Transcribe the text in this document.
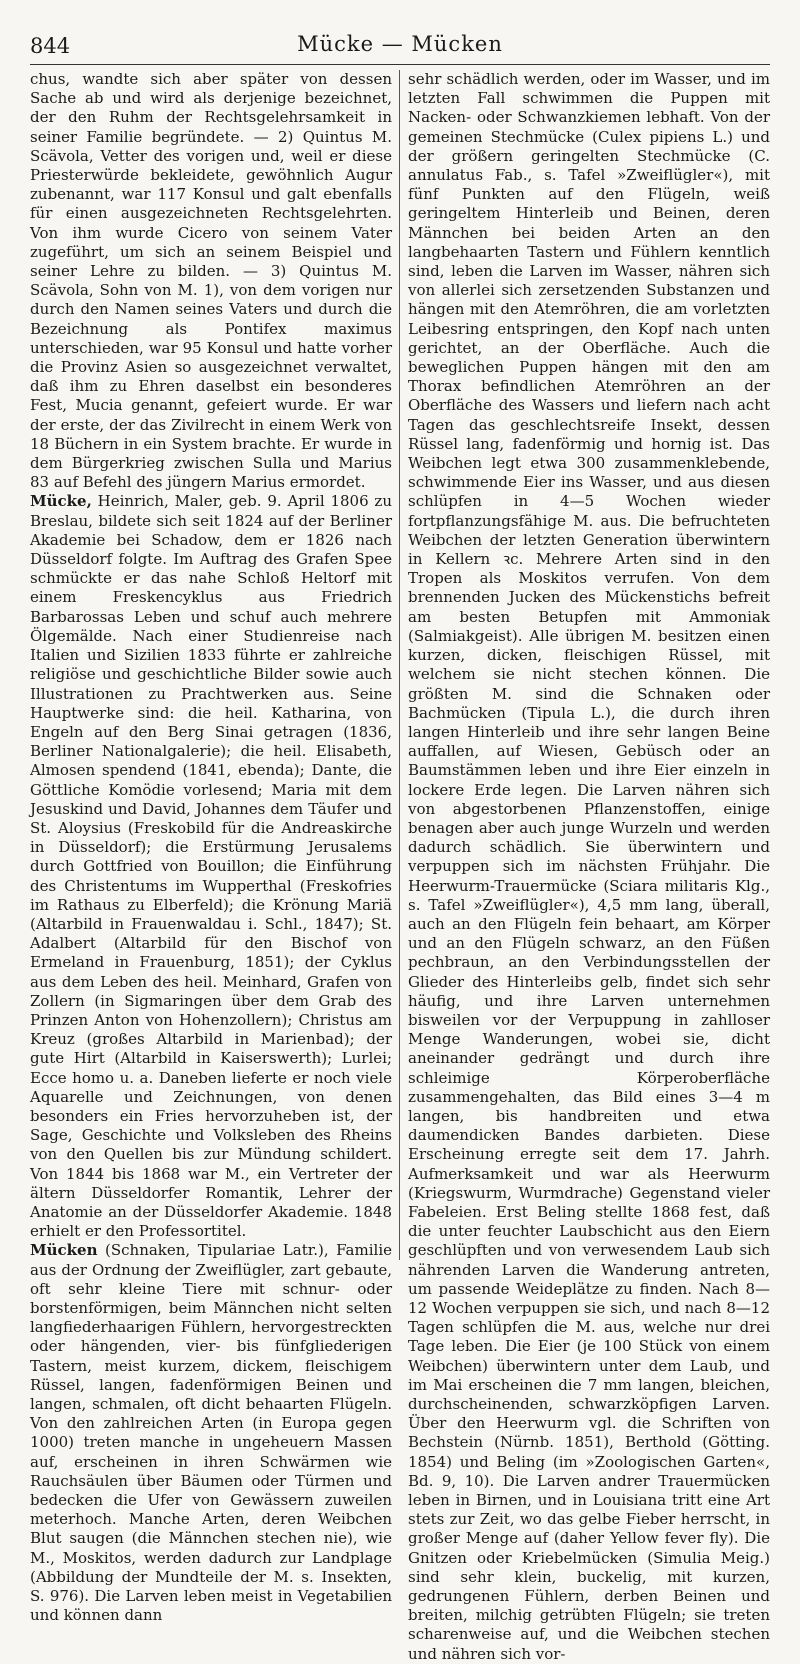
844	Mücke — Mücken

chus, wandte sich aber später von dessen Sache ab und wird als derjenige bezeichnet, der den Ruhm der Rechtsgelehrsamkeit in seiner Familie begründete. — 2) Quintus M. Scävola, Vetter des vorigen und, weil er diese Priesterwürde bekleidete, gewöhnlich Augur zubenannt, war 117 Konsul und galt ebenfalls für einen ausgezeichneten Rechtsgelehrten. Von ihm wurde Cicero von seinem Vater zugeführt, um sich an seinem Beispiel und seiner Lehre zu bilden. — 3) Quintus M. Scävola, Sohn von M. 1), von dem vorigen nur durch den Namen seines Vaters und durch die Bezeichnung als Pontifex maximus unterschieden, war 95 Konsul und hatte vorher die Provinz Asien so ausgezeichnet verwaltet, daß ihm zu Ehren daselbst ein besonderes Fest, Mucia genannt, gefeiert wurde. Er war der erste, der das Zivilrecht in einem Werk von 18 Büchern in ein System brachte. Er wurde in dem Bürgerkrieg zwischen Sulla und Marius 83 auf Befehl des jüngern Marius ermordet.

Mücke, Heinrich, Maler, geb. 9. April 1806 zu Breslau, bildete sich seit 1824 auf der Berliner Akademie bei Schadow, dem er 1826 nach Düsseldorf folgte. Im Auftrag des Grafen Spee schmückte er das nahe Schloß Heltorf mit einem Freskencyklus aus Friedrich Barbarossas Leben und schuf auch mehrere Ölgemälde. Nach einer Studienreise nach Italien und Sizilien 1833 führte er zahlreiche religiöse und geschichtliche Bilder sowie auch Illustrationen zu Prachtwerken aus. Seine Hauptwerke sind: die heil. Katharina, von Engeln auf den Berg Sinai getragen (1836, Berliner Nationalgalerie); die heil. Elisabeth, Almosen spendend (1841, ebenda); Dante, die Göttliche Komödie vorlesend; Maria mit dem Jesuskind und David, Johannes dem Täufer und St. Aloysius (Freskobild für die Andreaskirche in Düsseldorf); die Erstürmung Jerusalems durch Gottfried von Bouillon; die Einführung des Christentums im Wupperthal (Freskofries im Rathaus zu Elberfeld); die Krönung Mariä (Altarbild in Frauenwaldau i. Schl., 1847); St. Adalbert (Altarbild für den Bischof von Ermeland in Frauenburg, 1851); der Cyklus aus dem Leben des heil. Meinhard, Grafen von Zollern (in Sigmaringen über dem Grab des Prinzen Anton von Hohenzollern); Christus am Kreuz (großes Altarbild in Marienbad); der gute Hirt (Altarbild in Kaiserswerth); Lurlei; Ecce homo u. a. Daneben lieferte er noch viele Aquarelle und Zeichnungen, von denen besonders ein Fries hervorzuheben ist, der Sage, Geschichte und Volksleben des Rheins von den Quellen bis zur Mündung schildert. Von 1844 bis 1868 war M., ein Vertreter der ältern Düsseldorfer Romantik, Lehrer der Anatomie an der Düsseldorfer Akademie. 1848 erhielt er den Professortitel.

Mücken (Schnaken, Tipulariae Latr.), Familie aus der Ordnung der Zweiflügler, zart gebaute, oft sehr kleine Tiere mit schnur- oder borstenförmigen, beim Männchen nicht selten langfiederhaarigen Fühlern, hervorgestreckten oder hängenden, vier- bis fünfgliederigen Tastern, meist kurzem, dickem, fleischigem Rüssel, langen, fadenförmigen Beinen und langen, schmalen, oft dicht behaarten Flügeln. Von den zahlreichen Arten (in Europa gegen 1000) treten manche in ungeheuern Massen auf, erscheinen in ihren Schwärmen wie Rauchsäulen über Bäumen oder Türmen und bedecken die Ufer von Gewässern zuweilen meterhoch. Manche Arten, deren Weibchen Blut saugen (die Männchen stechen nie), wie M., Moskitos, werden dadurch zur Landplage (Abbildung der Mundteile der M. s. Insekten, S. 976). Die Larven leben meist in Vegetabilien und können dann

sehr schädlich werden, oder im Wasser, und im letzten Fall schwimmen die Puppen mit Nacken- oder Schwanzkiemen lebhaft. Von der gemeinen Stechmücke (Culex pipiens L.) und der größern geringelten Stechmücke (C. annulatus Fab., s. Tafel »Zweiflügler«), mit fünf Punkten auf den Flügeln, weiß geringeltem Hinterleib und Beinen, deren Männchen bei beiden Arten an den langbehaarten Tastern und Fühlern kenntlich sind, leben die Larven im Wasser, nähren sich von allerlei sich zersetzenden Substanzen und hängen mit den Atemröhren, die am vorletzten Leibesring entspringen, den Kopf nach unten gerichtet, an der Oberfläche. Auch die beweglichen Puppen hängen mit den am Thorax befindlichen Atemröhren an der Oberfläche des Wassers und liefern nach acht Tagen das geschlechtsreife Insekt, dessen Rüssel lang, fadenförmig und hornig ist. Das Weibchen legt etwa 300 zusammenklebende, schwimmende Eier ins Wasser, und aus diesen schlüpfen in 4—5 Wochen wieder fortpflanzungsfähige M. aus. Die befruchteten Weibchen der letzten Generation überwintern in Kellern ꝛc. Mehrere Arten sind in den Tropen als Moskitos verrufen. Von dem brennenden Jucken des Mückenstichs befreit am besten Betupfen mit Ammoniak (Salmiakgeist). Alle übrigen M. besitzen einen kurzen, dicken, fleischigen Rüssel, mit welchem sie nicht stechen können. Die größten M. sind die Schnaken oder Bachmücken (Tipula L.), die durch ihren langen Hinterleib und ihre sehr langen Beine auffallen, auf Wiesen, Gebüsch oder an Baumstämmen leben und ihre Eier einzeln in lockere Erde legen. Die Larven nähren sich von abgestorbenen Pflanzenstoffen, einige benagen aber auch junge Wurzeln und werden dadurch schädlich. Sie überwintern und verpuppen sich im nächsten Frühjahr. Die Heerwurm-Trauermücke (Sciara militaris Klg., s. Tafel »Zweiflügler«), 4,5 mm lang, überall, auch an den Flügeln fein behaart, am Körper und an den Flügeln schwarz, an den Füßen pechbraun, an den Verbindungsstellen der Glieder des Hinterleibs gelb, findet sich sehr häufig, und ihre Larven unternehmen bisweilen vor der Verpuppung in zahlloser Menge Wanderungen, wobei sie, dicht aneinander gedrängt und durch ihre schleimige Körperoberfläche zusammengehalten, das Bild eines 3—4 m langen, bis handbreiten und etwa daumendicken Bandes darbieten. Diese Erscheinung erregte seit dem 17. Jahrh. Aufmerksamkeit und war als Heerwurm (Kriegswurm, Wurmdrache) Gegenstand vieler Fabeleien. Erst Beling stellte 1868 fest, daß die unter feuchter Laubschicht aus den Eiern geschlüpften und von verwesendem Laub sich nährenden Larven die Wanderung antreten, um passende Weideplätze zu finden. Nach 8—12 Wochen verpuppen sie sich, und nach 8—12 Tagen schlüpfen die M. aus, welche nur drei Tage leben. Die Eier (je 100 Stück von einem Weibchen) überwintern unter dem Laub, und im Mai erscheinen die 7 mm langen, bleichen, durchscheinenden, schwarzköpfigen Larven. Über den Heerwurm vgl. die Schriften von Bechstein (Nürnb. 1851), Berthold (Götting. 1854) und Beling (im »Zoologischen Garten«, Bd. 9, 10). Die Larven andrer Trauermücken leben in Birnen, und in Louisiana tritt eine Art stets zur Zeit, wo das gelbe Fieber herrscht, in großer Menge auf (daher Yellow fever fly). Die Gnitzen oder Kriebelmücken (Simulia Meig.) sind sehr klein, buckelig, mit kurzen, gedrungenen Fühlern, derben Beinen und breiten, milchig getrübten Flügeln; sie treten scharenweise auf, und die Weibchen stechen und nähren sich vor-
